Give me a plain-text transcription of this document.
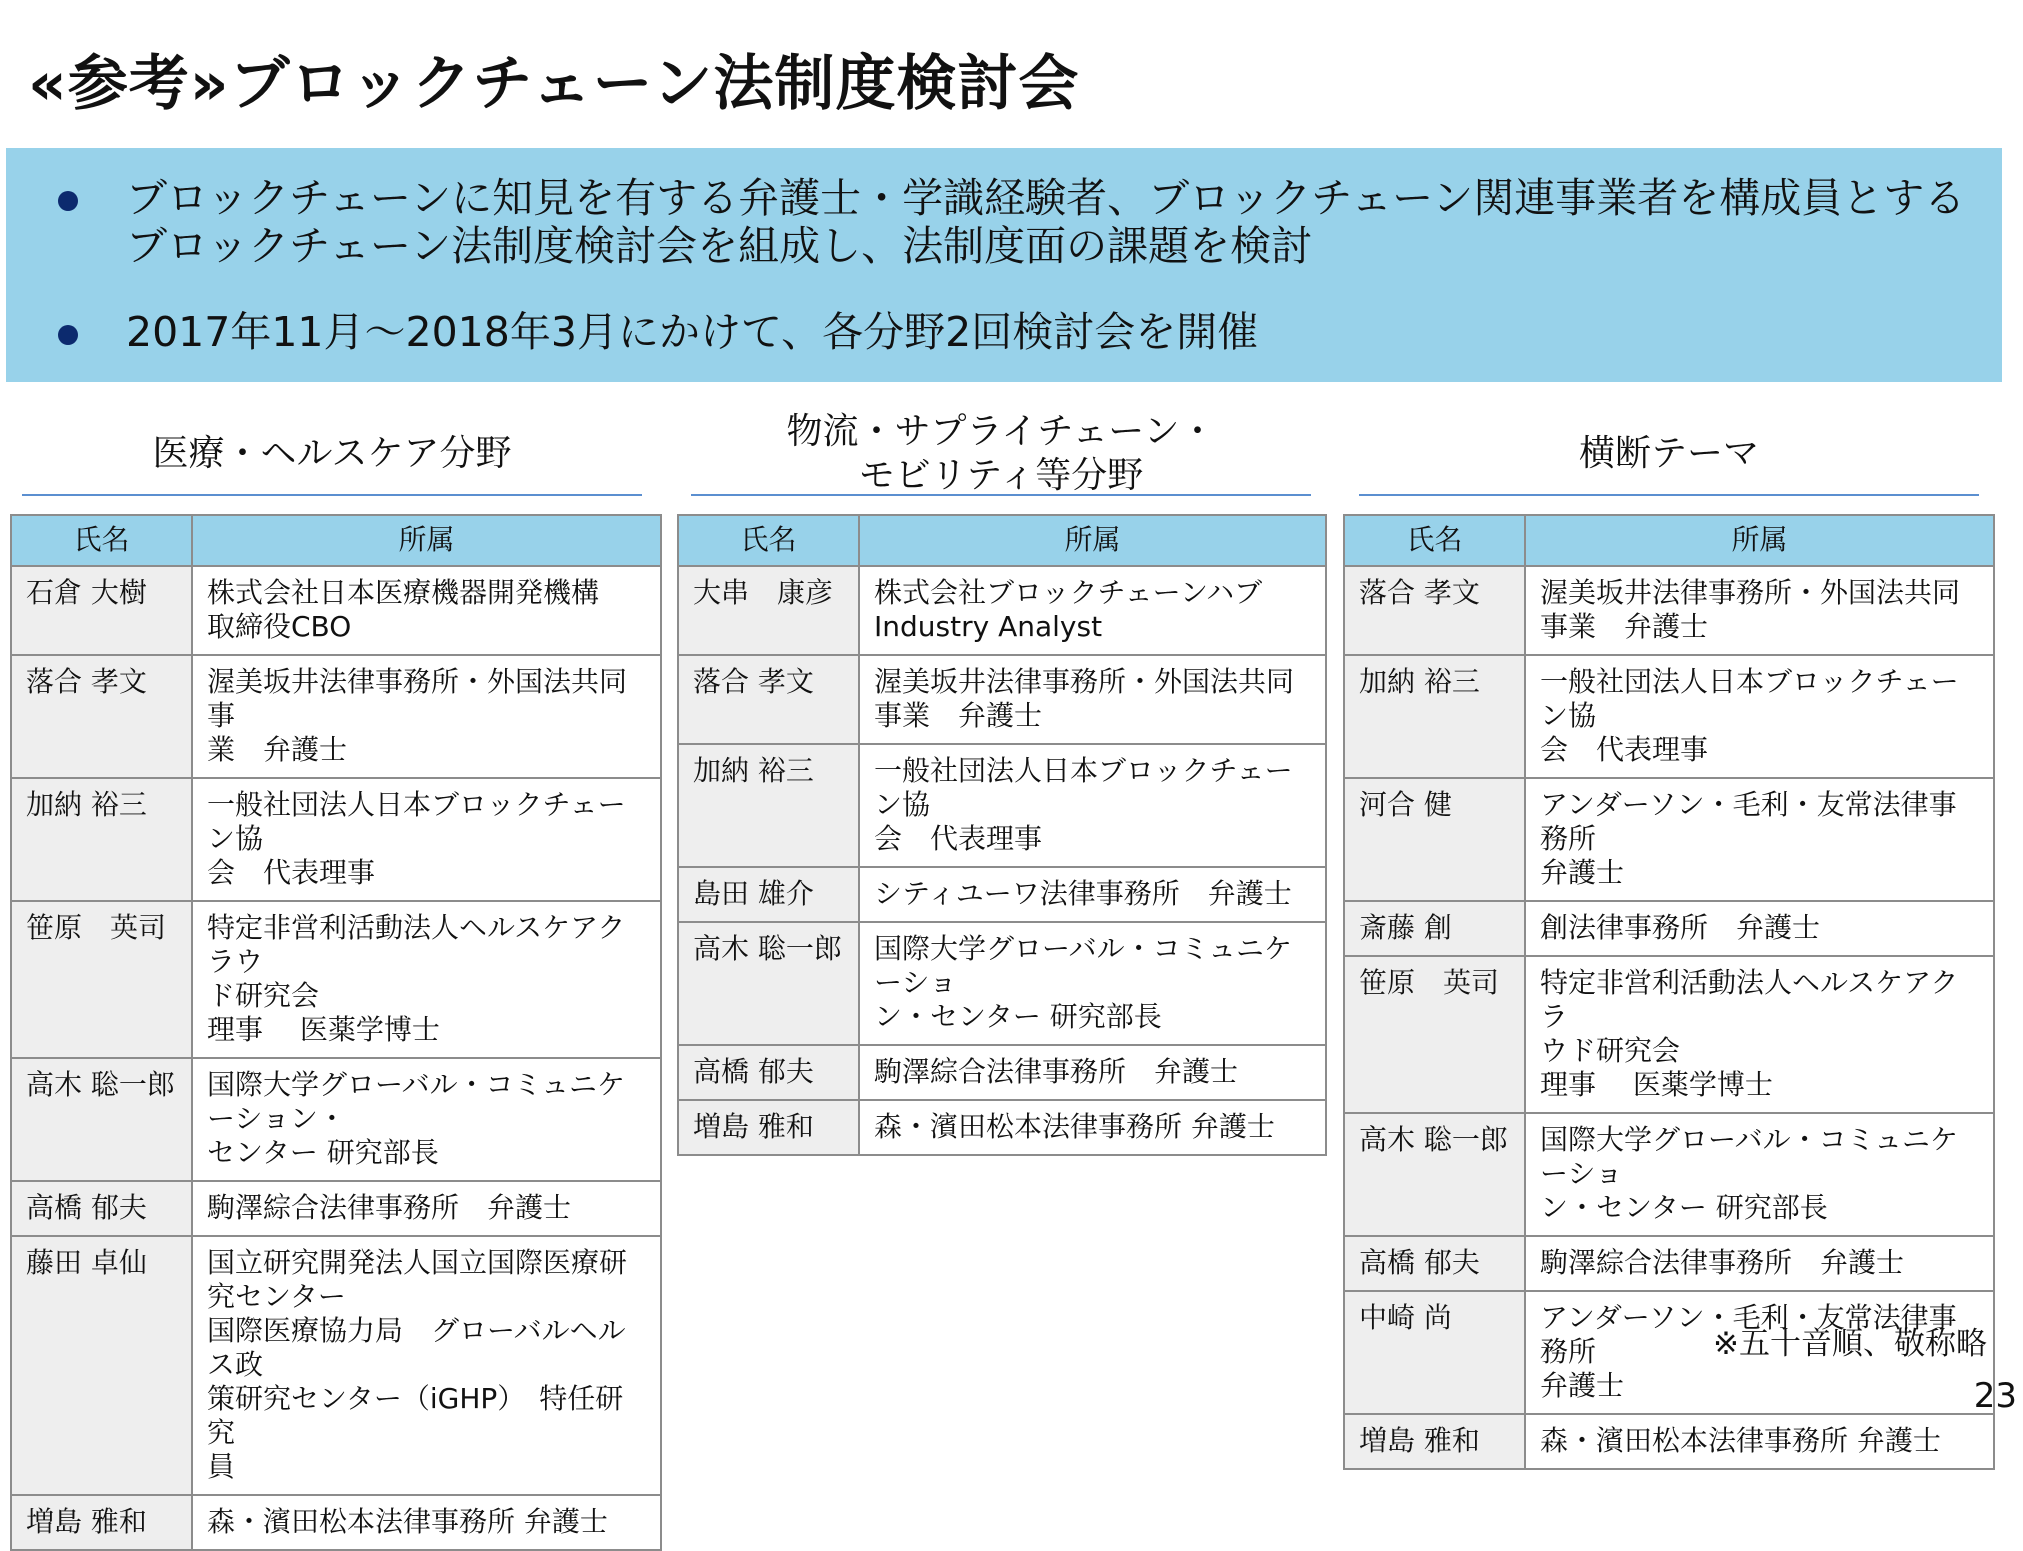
«参考»ブロックチェーン法制度検討会
ブロックチェーンに知見を有する弁護士・学識経験者、ブロックチェーン関連事業者を構成員とする
ブロックチェーン法制度検討会を組成し、法制度面の課題を検討
2017年11月～2018年3月にかけて、各分野2回検討会を開催
医療・ヘルスケア分野
物流・サプライチェーン・
モビリティ等分野
横断テーマ
氏名	所属
石倉 大樹	株式会社日本医療機器開発機構
取締役CBO

落合 孝文	渥美坂井法律事務所・外国法共同事
業　弁護士

加納 裕三	一般社団法人日本ブロックチェーン協
会　代表理事

笹原　英司	特定非営利活動法人ヘルスケアクラウ
ド研究会
理事　 医薬学博士

高木 聡一郎	国際大学グローバル・コミュニケーション・
センター 研究部長

高橋 郁夫	駒澤綜合法律事務所　弁護士

藤田 卓仙	国立研究開発法人国立国際医療研
究センター
国際医療協力局　グローバルヘルス政
策研究センター（iGHP）　特任研究
員

増島 雅和	森・濱田松本法律事務所 弁護士
氏名	所属
大串　康彦	株式会社ブロックチェーンハブ
Industry Analyst

落合 孝文	渥美坂井法律事務所・外国法共同
事業　弁護士

加納 裕三	一般社団法人日本ブロックチェーン協
会　代表理事

島田 雄介	シティユーワ法律事務所　弁護士

高木 聡一郎	国際大学グローバル・コミュニケーショ
ン・センター 研究部長

高橋 郁夫	駒澤綜合法律事務所　弁護士

増島 雅和	森・濱田松本法律事務所 弁護士
氏名	所属
落合 孝文	渥美坂井法律事務所・外国法共同
事業　弁護士

加納 裕三	一般社団法人日本ブロックチェーン協
会　代表理事

河合 健	アンダーソン・毛利・友常法律事務所
弁護士

斎藤 創	創法律事務所　弁護士

笹原　英司	特定非営利活動法人ヘルスケアクラ
ウド研究会
理事　 医薬学博士

高木 聡一郎	国際大学グローバル・コミュニケーショ
ン・センター 研究部長

高橋 郁夫	駒澤綜合法律事務所　弁護士

中崎 尚	アンダーソン・毛利・友常法律事務所
弁護士

増島 雅和	森・濱田松本法律事務所 弁護士
※五十音順、敬称略
23
